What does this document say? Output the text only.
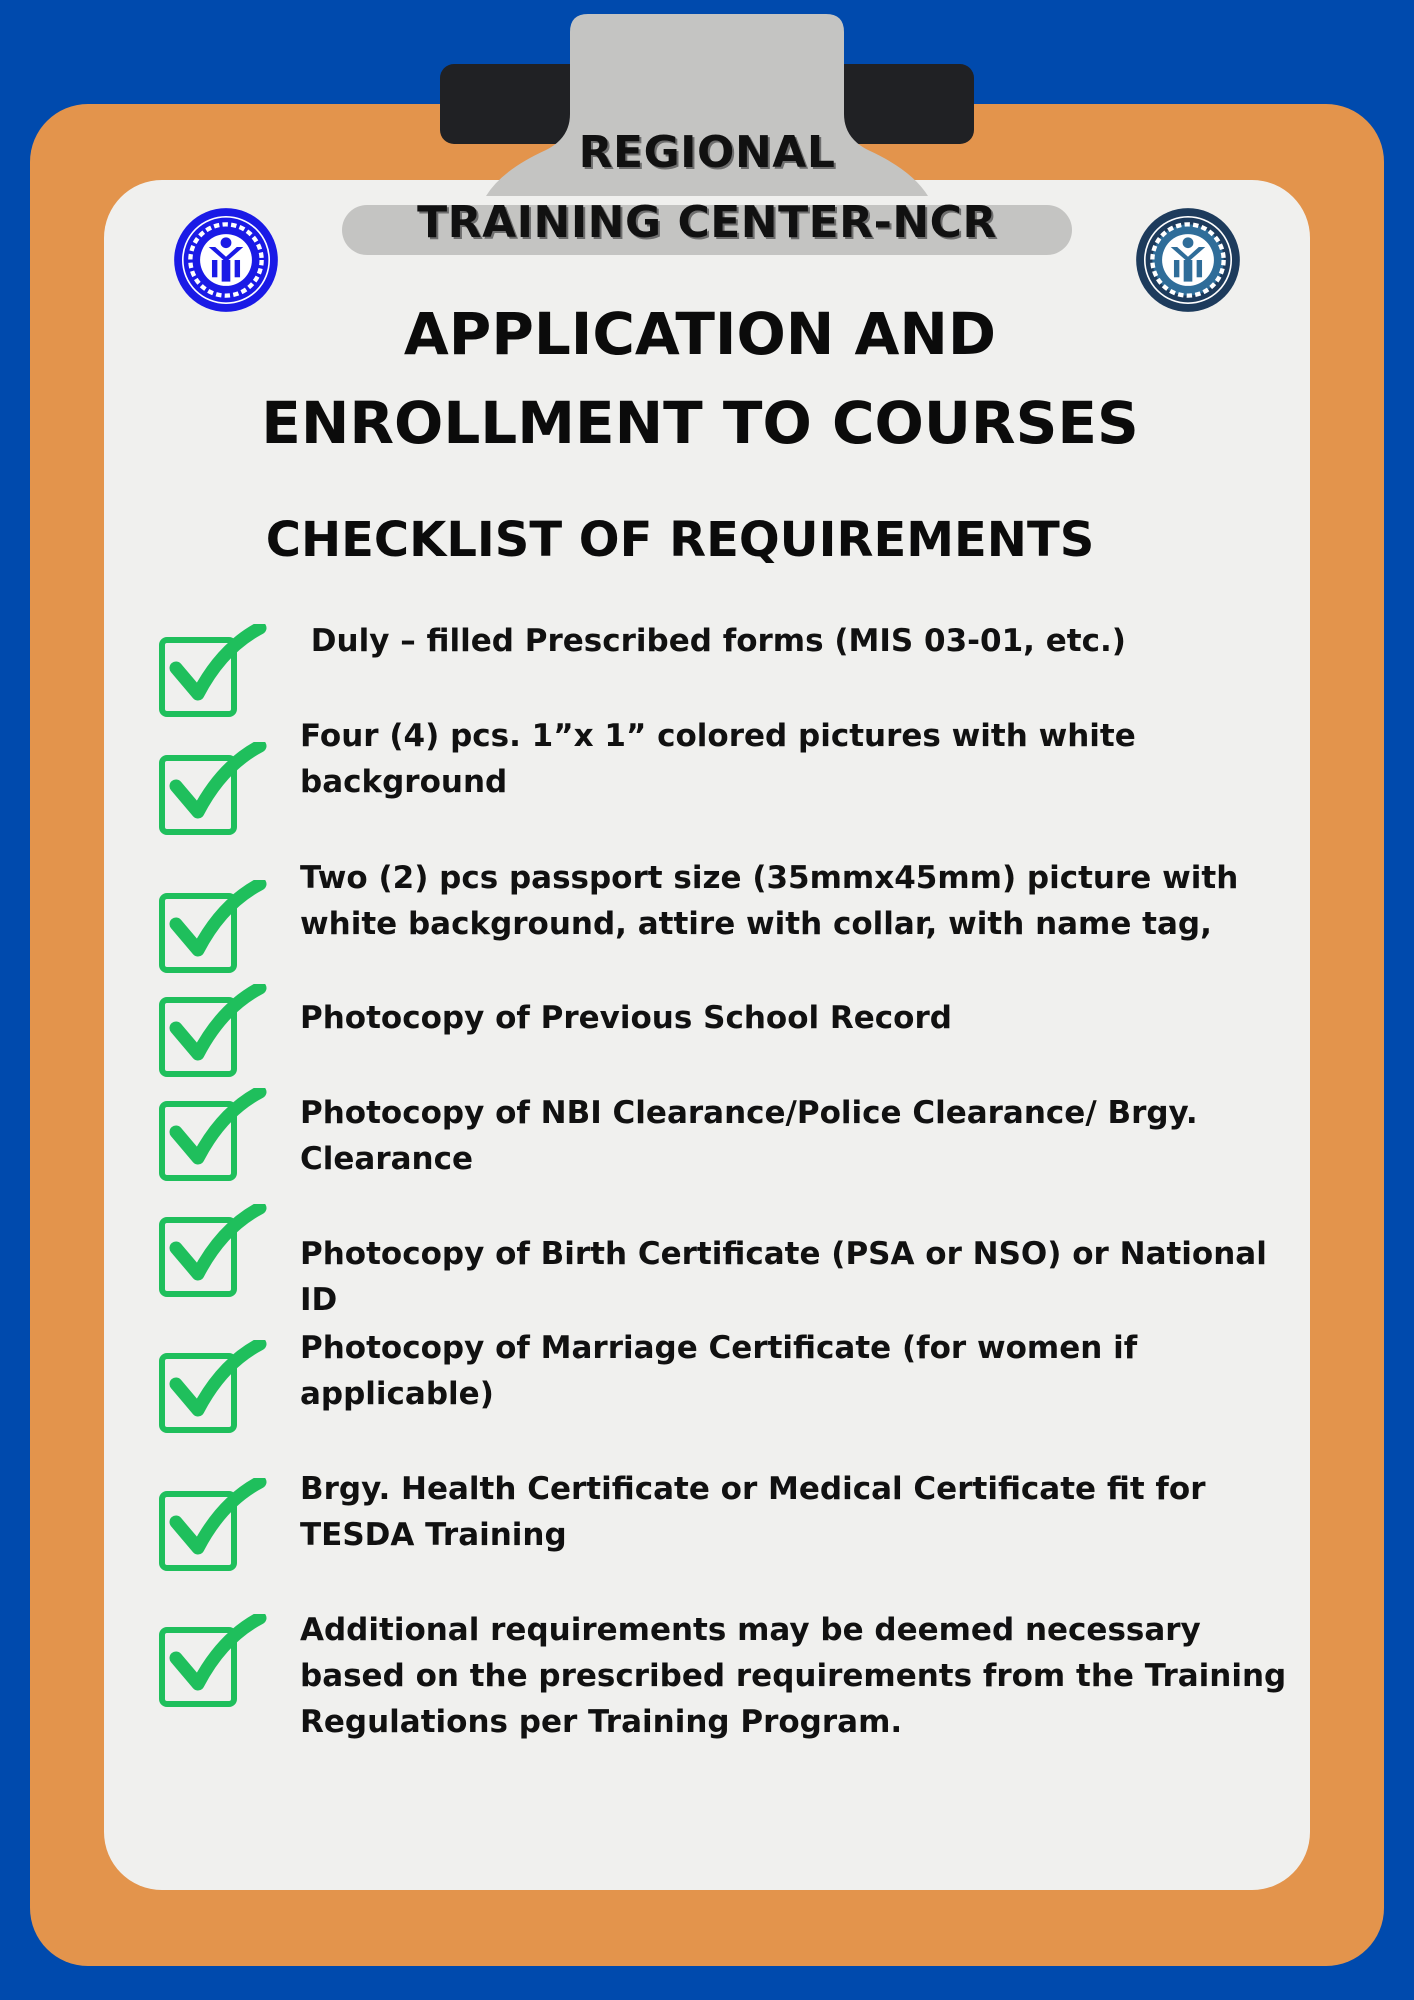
REGIONAL
TRAINING CENTER-NCR
APPLICATION AND
ENROLLMENT TO COURSES
CHECKLIST OF REQUIREMENTS
Duly – filled Prescribed forms (MIS 03-01, etc.)
Four (4) pcs. 1”x 1” colored pictures with white background
Two (2) pcs passport size (35mmx45mm) picture with white background, attire with collar, with name tag,
Photocopy of Previous School Record
Photocopy of NBI Clearance/Police Clearance/ Brgy. Clearance
Photocopy of Birth Certificate (PSA or NSO) or National ID
Photocopy of Marriage Certificate (for women if applicable)
Brgy. Health Certificate or Medical Certificate fit for TESDA Training
Additional requirements may be deemed necessary based on the prescribed requirements from the Training Regulations per Training Program.
